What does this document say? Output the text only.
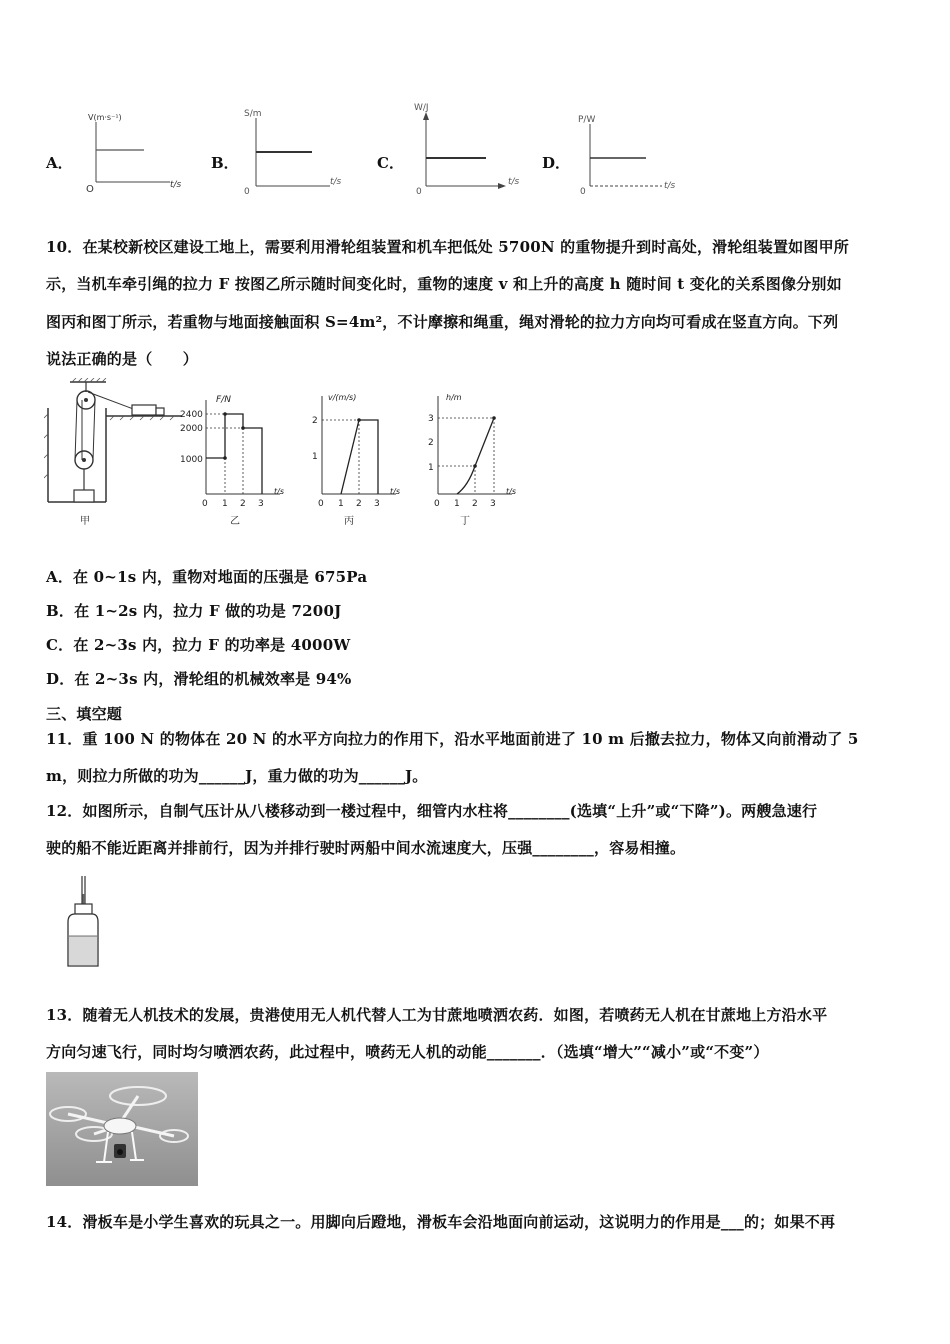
A．
V(m·s⁻¹)
t/s
O
B．
S/m
t/s
0
C．
W/J
t/s
0
D．
P/W
t/s
0
10．在某校新校区建设工地上，需要利用滑轮组装置和机车把低处 5700N 的重物提升到时高处，滑轮组装置如图甲所
示，当机车牵引绳的拉力 F 按图乙所示随时间变化时，重物的速度 v 和上升的高度 h 随时间 t 变化的关系图像分别如
图丙和图丁所示，若重物与地面接触面积 S=4m²，不计摩擦和绳重，绳对滑轮的拉力方向均可看成在竖直方向。下列
说法正确的是（　　）
甲
F/N
t/s
2400
2000
1000
0 1 2 3
乙
v/(m/s)
t/s
2
1
0 1 2 3
丙
h/m
t/s
3
2
1
0 1 2 3
丁
A．在 0~1s 内，重物对地面的压强是 675Pa
B．在 1~2s 内，拉力 F 做的功是 7200J
C．在 2~3s 内，拉力 F 的功率是 4000W
D．在 2~3s 内，滑轮组的机械效率是 94%
三、填空题
11．重 100 N 的物体在 20 N 的水平方向拉力的作用下，沿水平地面前进了 10 m 后撤去拉力，物体又向前滑动了 5
m，则拉力所做的功为______J，重力做的功为______J。
12．如图所示，自制气压计从八楼移动到一楼过程中，细管内水柱将________(选填“上升”或“下降”)。两艘急速行
驶的船不能近距离并排前行，因为并排行驶时两船中间水流速度大，压强________，容易相撞。
13．随着无人机技术的发展，贵港使用无人机代替人工为甘蔗地喷洒农药．如图，若喷药无人机在甘蔗地上方沿水平
方向匀速飞行，同时均匀喷洒农药，此过程中，喷药无人机的动能_______．（选填“增大”“减小”或“不变”）
14．滑板车是小学生喜欢的玩具之一。用脚向后蹬地，滑板车会沿地面向前运动，这说明力的作用是___的；如果不再
